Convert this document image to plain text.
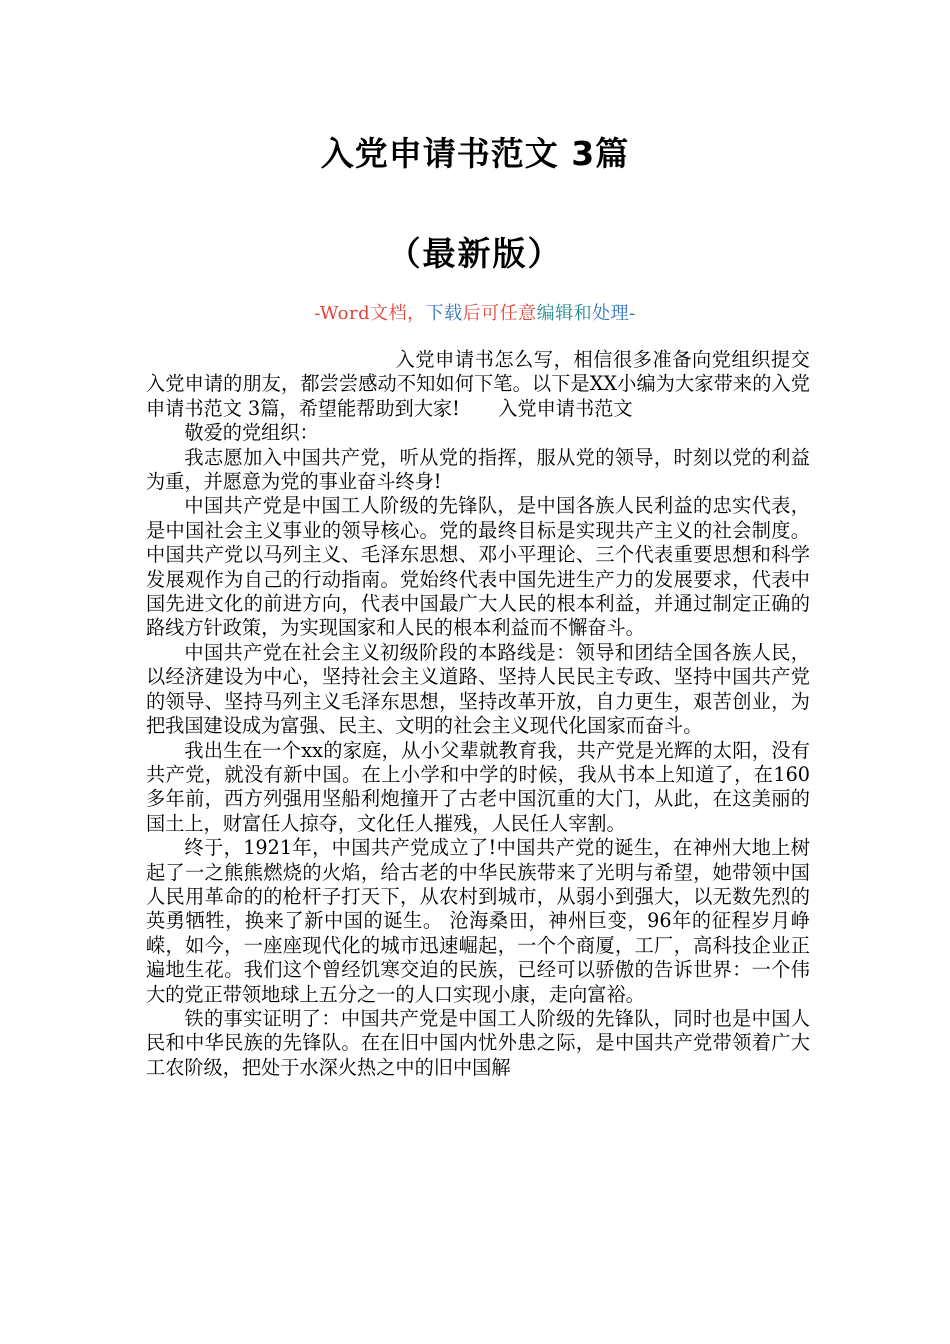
入党申请书范文 3篇
（最新版）
-Word文档，下载后可任意编辑和处理-

入党申请书怎么写，相信很多准备向党组织提交入党申请的朋友，都尝尝感动不知如何下笔。以下是XX小编为大家带来的入党申请书范文 3篇，希望能帮助到大家!　　入党申请书范文

敬爱的党组织：

我志愿加入中国共产党，听从党的指挥，服从党的领导，时刻以党的利益为重，并愿意为党的事业奋斗终身!

中国共产党是中国工人阶级的先锋队，是中国各族人民利益的忠实代表，是中国社会主义事业的领导核心。党的最终目标是实现共产主义的社会制度。中国共产党以马列主义、毛泽东思想、邓小平理论、三个代表重要思想和科学发展观作为自己的行动指南。党始终代表中国先进生产力的发展要求，代表中国先进文化的前进方向，代表中国最广大人民的根本利益，并通过制定正确的路线方针政策，为实现国家和人民的根本利益而不懈奋斗。

中国共产党在社会主义初级阶段的本路线是：领导和团结全国各族人民，以经济建设为中心，坚持社会主义道路、坚持人民民主专政、坚持中国共产党的领导、坚持马列主义毛泽东思想，坚持改革开放，自力更生，艰苦创业，为把我国建设成为富强、民主、文明的社会主义现代化国家而奋斗。

我出生在一个xx的家庭，从小父辈就教育我，共产党是光辉的太阳，没有共产党，就没有新中国。在上小学和中学的时候，我从书本上知道了，在160多年前，西方列强用坚船利炮撞开了古老中国沉重的大门，从此，在这美丽的国土上，财富任人掠夺，文化任人摧残，人民任人宰割。

终于，1921年，中国共产党成立了!中国共产党的诞生，在神州大地上树起了一之熊熊燃烧的火焰，给古老的中华民族带来了光明与希望，她带领中国人民用革命的的枪杆子打天下，从农村到城市，从弱小到强大，以无数先烈的英勇牺牲，换来了新中国的诞生。 沧海桑田，神州巨变，96年的征程岁月峥嵘，如今，一座座现代化的城市迅速崛起，一个个商厦，工厂，高科技企业正遍地生花。我们这个曾经饥寒交迫的民族，已经可以骄傲的告诉世界：一个伟大的党正带领地球上五分之一的人口实现小康，走向富裕。

铁的事实证明了：中国共产党是中国工人阶级的先锋队，同时也是中国人民和中华民族的先锋队。在在旧中国内忧外患之际，是中国共产党带领着广大工农阶级，把处于水深火热之中的旧中国解
